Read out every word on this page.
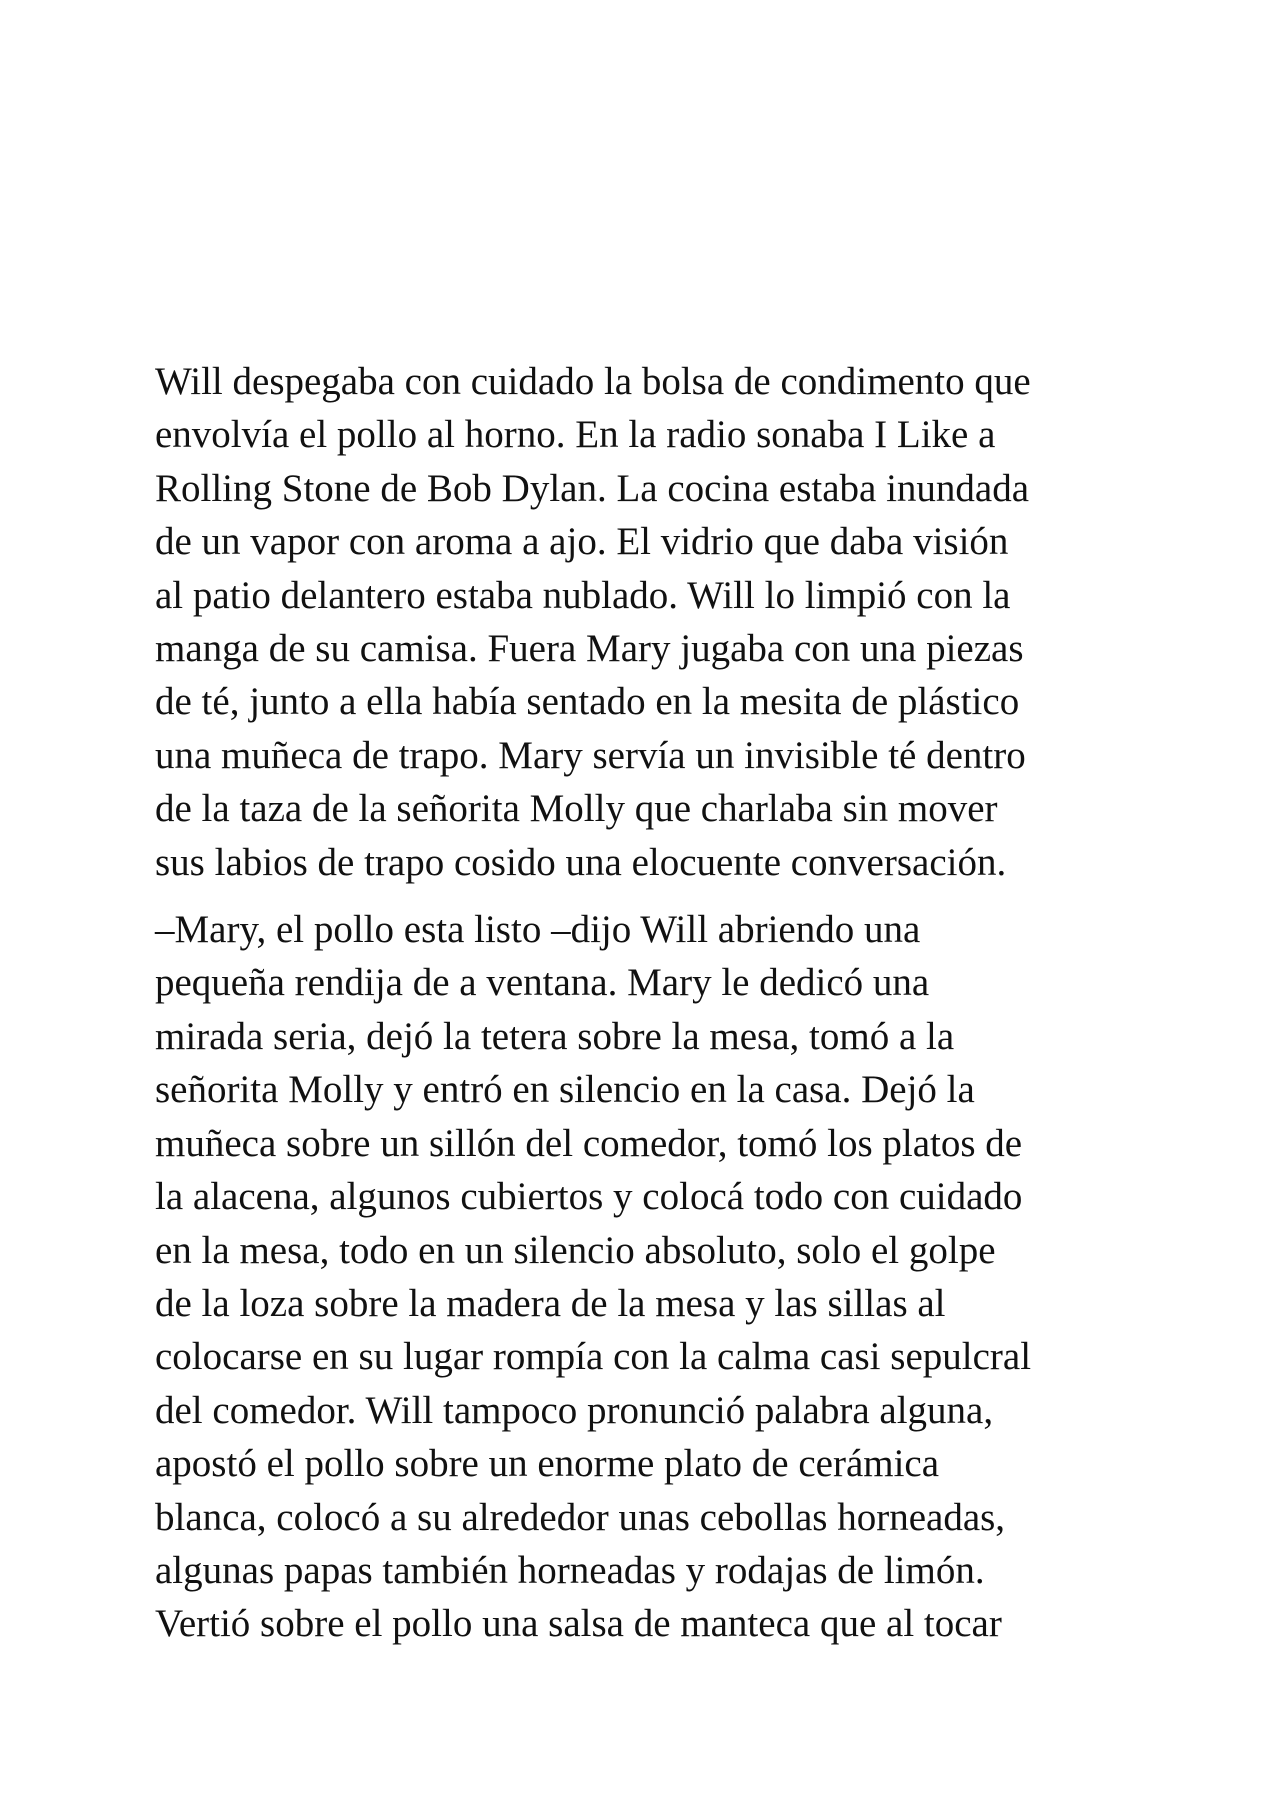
Will despegaba con cuidado la bolsa de condimento que
envolvía el pollo al horno. En la radio sonaba I Like a
Rolling Stone de Bob Dylan. La cocina estaba inundada
de un vapor con aroma a ajo. El vidrio que daba visión
al patio delantero estaba nublado. Will lo limpió con la
manga de su camisa. Fuera Mary jugaba con una piezas
de té, junto a ella había sentado en la mesita de plástico
una muñeca de trapo. Mary servía un invisible té dentro
de la taza de la señorita Molly que charlaba sin mover
sus labios de trapo cosido una elocuente conversación.

–Mary, el pollo esta listo –dijo Will abriendo una
pequeña rendija de a ventana. Mary le dedicó una
mirada seria, dejó la tetera sobre la mesa, tomó a la
señorita Molly y entró en silencio en la casa. Dejó la
muñeca sobre un sillón del comedor, tomó los platos de
la alacena, algunos cubiertos y colocá todo con cuidado
en la mesa, todo en un silencio absoluto, solo el golpe
de la loza sobre la madera de la mesa y las sillas al
colocarse en su lugar rompía con la calma casi sepulcral
del comedor. Will tampoco pronunció palabra alguna,
apostó el pollo sobre un enorme plato de cerámica
blanca, colocó a su alrededor unas cebollas horneadas,
algunas papas también horneadas y rodajas de limón.
Vertió sobre el pollo una salsa de manteca que al tocar
